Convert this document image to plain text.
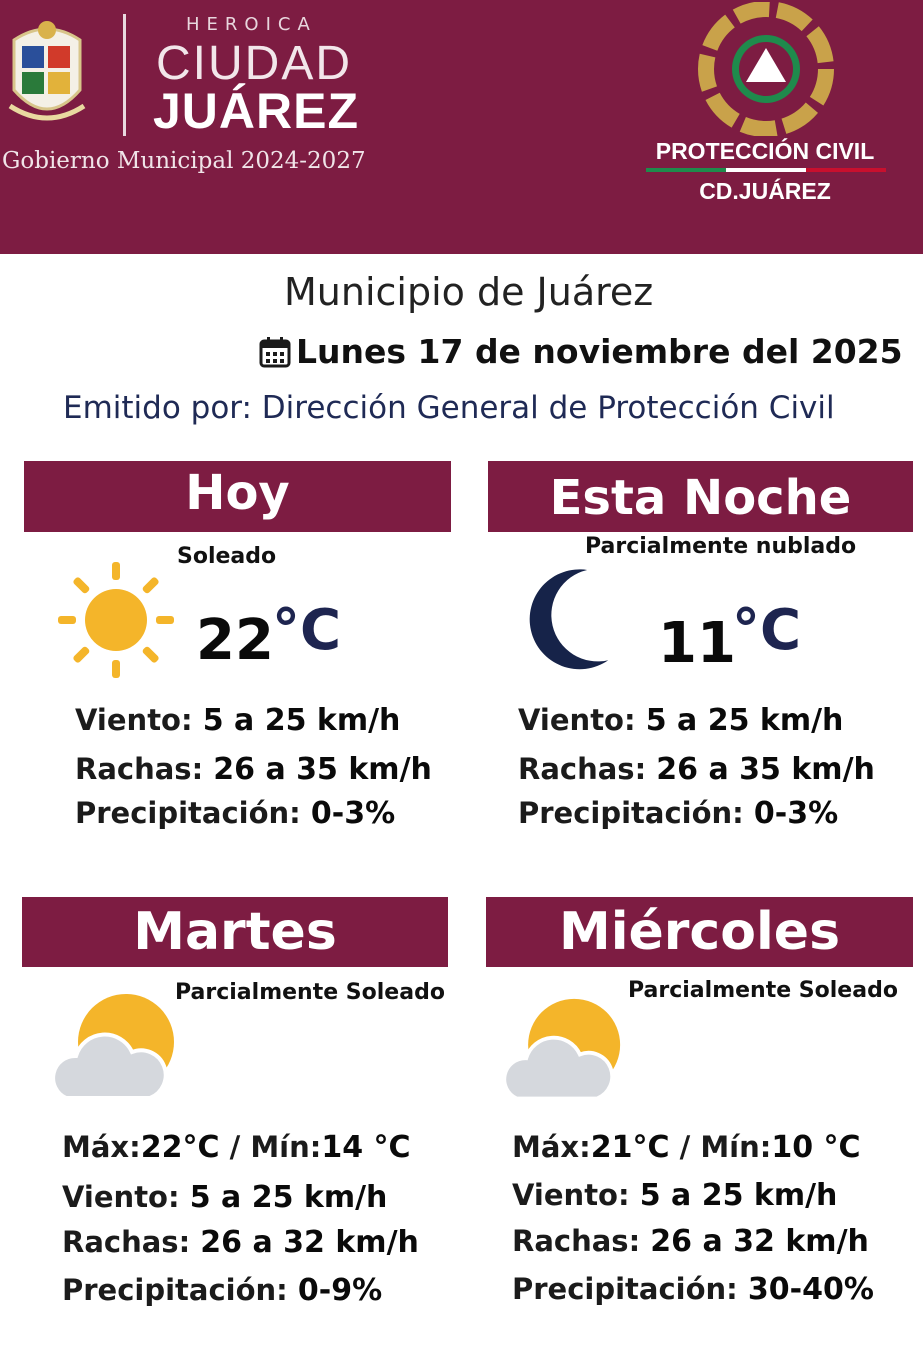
HEROICA
CIUDAD
JUÁREZ
Gobierno Municipal 2024-2027	PROTECCIÓN CIVIL
CD.JUÁREZ
Municipio de Juárez
Lunes 17 de noviembre del 2025
Emitido por: Dirección General de Protección Civil
Hoy
Soleado
22
°C
Viento: 5 a 25 km/h
Rachas: 26 a 35 km/h
Precipitación: 0-3%
Esta Noche
Parcialmente nublado
11
°C
Viento: 5 a 25 km/h
Rachas: 26 a 35 km/h
Precipitación: 0-3%
Martes
Parcialmente Soleado
Máx:22°C / Mín:14 °C
Viento: 5 a 25 km/h
Rachas: 26 a 32 km/h
Precipitación: 0-9%
Miércoles
Parcialmente Soleado
Máx:21°C / Mín:10 °C
Viento: 5 a 25 km/h
Rachas: 26 a 32 km/h
Precipitación: 30-40%
